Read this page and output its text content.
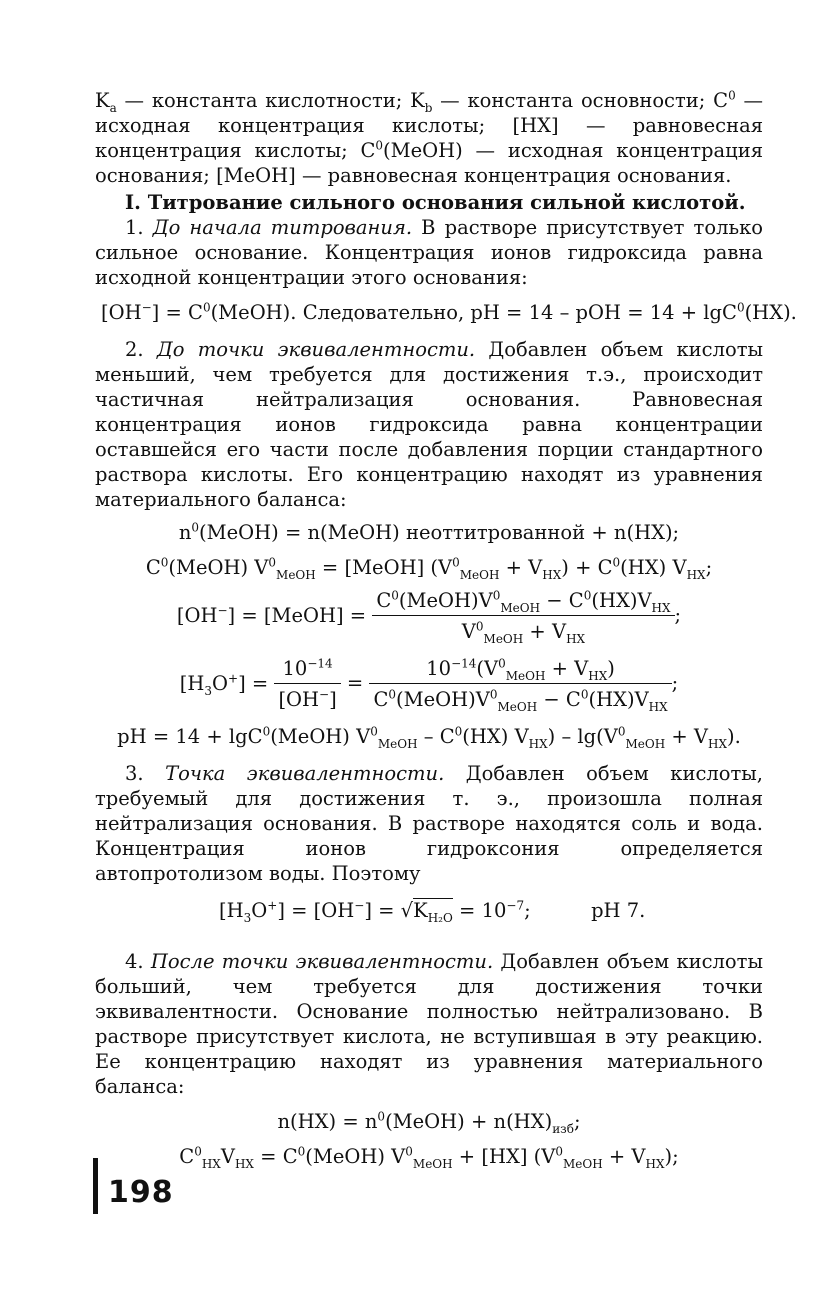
$K_a$ — константа кислотности; $K_b$ — константа основности; $C^0$ — исходная концентрация кислоты; [НХ] — равновесная концентрация кислоты; $C^0(МеОН)$ — исходная концентрация основания; [МеОН] — равновесная концентрация основания.

I. Титрование сильного основания сильной кислотой.

1. До начала титрования. В растворе присутствует только сильное основание. Концентрация ионов гидроксида равна исходной концентрации этого основания:

$[OH^-] = C^0(МеОН)$. Следовательно, pH = 14 – pOH = 14 + lgC$^0$(НХ).

2. До точки эквивалентности. Добавлен объем кислоты меньший, чем требуется для достижения т.э., происходит частичная нейтрализация основания. Равновесная концентрация ионов гидроксида равна концентрации оставшейся его части после добавления порции стандартного раствора кислоты. Его концентрацию находят из уравнения материального баланса:

$n^0(МеОН)$ = n(МеОН) неоттитрованной + n(НХ);

$C^0(МеОН) V^0_{МеОН}$ = [МеОН] $(V^0_{МеОН} + V_{НХ}) + C^0(НХ)$ $V_{НХ}$;

[OH−] = [МеОН] = $\frac{C^0(МеОН)V^0_{МеОН} - C^0(НХ)V_{НХ}}{V^0_{МеОН} + V_{НХ}}$ ;
$[H_3O^+] = \frac{10^{-14}}{[OH^-]} = \frac{10^{-14}(V^0_{МеОН} + V_{НХ})}{C^0(МеОН)V^0_{МеОН} - C^0(НХ)V_{НХ}}$ ;

pH = 14 + lgC$^0$(МеОН) $V^0_{МеОН} - C^0(НХ)$ $V_{НХ}) - \lg(V^0_{МеОН} + V_{НХ})$.

3. Точка эквивалентности. Добавлен объем кислоты, требуемый для достижения т. э., произошла полная нейтрализация основания. В растворе находятся соль и вода. Концентрация ионов гидроксония определяется автопротолизом воды. Поэтому

$[H_3O^+] = [OH^-] = √K_{H_2O} = 10^{-7}$;	pH 7.

4. После точки эквивалентности. Добавлен объем кислоты больший, чем требуется для достижения точки эквивалентности. Основание полностью нейтрализовано. В растворе присутствует кислота, не вступившая в эту реакцию. Ее концентрацию находят из уравнения материального баланса:

$n(НХ) = n^0(МеОН) + n(НХ)_{изб}$;

$C^0_{НХ}V_{НХ}$ = $C^0(МеОН) V^0_{МеОН} + [НХ] (V^0_{МеОН} + V_{НХ})$;

198
